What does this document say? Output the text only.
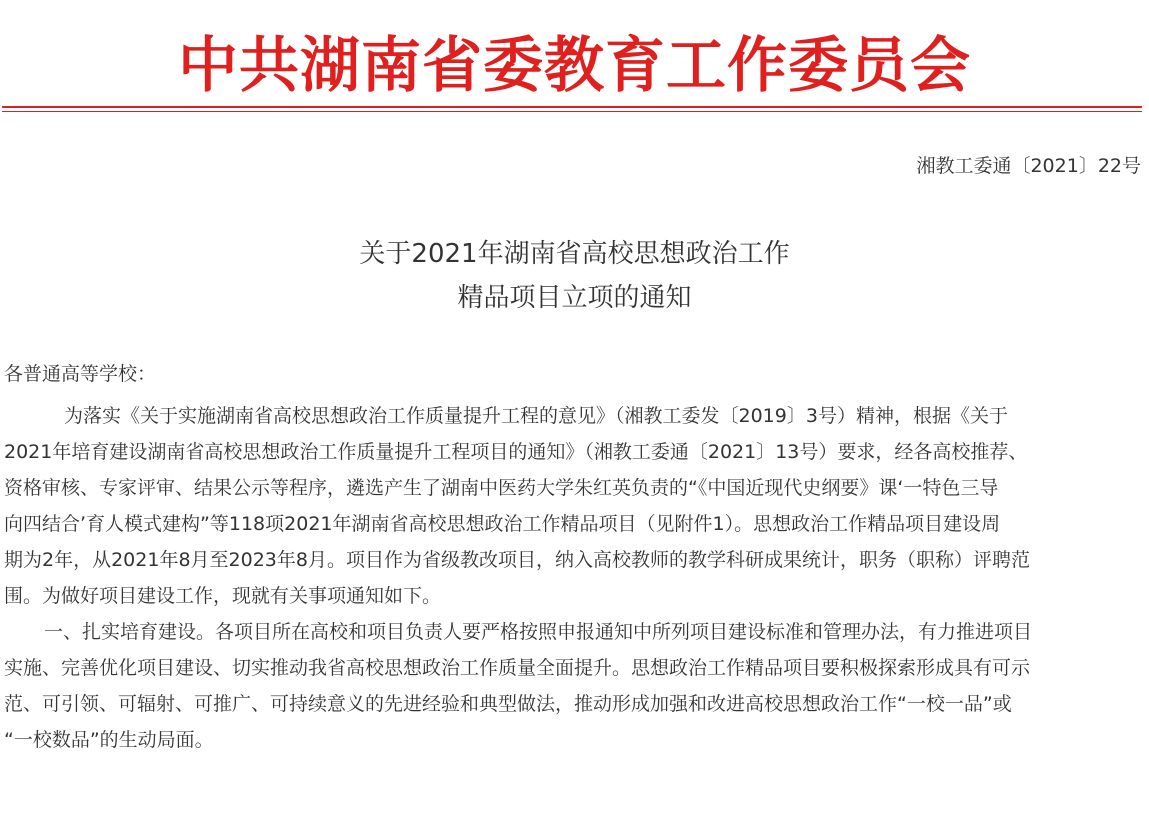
中共湖南省委教育工作委员会
湘教工委通〔2021〕22号
关于2021年湖南省高校思想政治工作
精品项目立项的通知
各普通高等学校：
为落实《关于实施湖南省高校思想政治工作质量提升工程的意见》（湘教工委发〔2019〕3号）精神，根据《关于
2021年培育建设湖南省高校思想政治工作质量提升工程项目的通知》（湘教工委通〔2021〕13号）要求，经各高校推荐、
资格审核、专家评审、结果公示等程序，遴选产生了湖南中医药大学朱红英负责的“《中国近现代史纲要》课‘一特色三导
向四结合’育人模式建构”等118项2021年湖南省高校思想政治工作精品项目（见附件1）。思想政治工作精品项目建设周
期为2年，从2021年8月至2023年8月。项目作为省级教改项目，纳入高校教师的教学科研成果统计，职务（职称）评聘范
围。为做好项目建设工作，现就有关事项通知如下。
一、扎实培育建设。各项目所在高校和项目负责人要严格按照申报通知中所列项目建设标准和管理办法，有力推进项目
实施、完善优化项目建设、切实推动我省高校思想政治工作质量全面提升。思想政治工作精品项目要积极探索形成具有可示
范、可引领、可辐射、可推广、可持续意义的先进经验和典型做法，推动形成加强和改进高校思想政治工作“一校一品”或
“一校数品”的生动局面。
